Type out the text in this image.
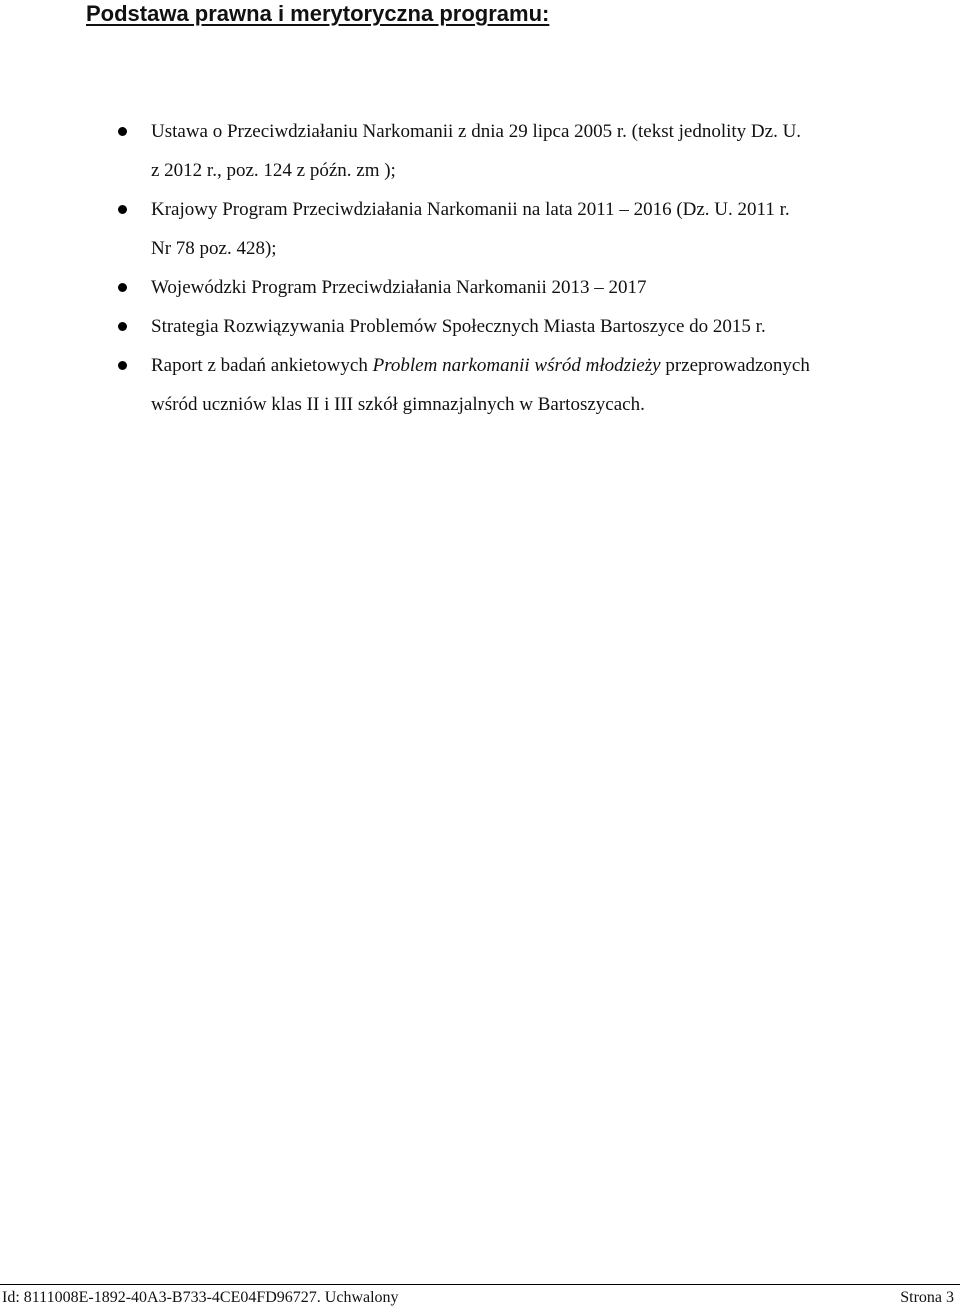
Podstawa prawna i merytoryczna programu:
Ustawa o Przeciwdziałaniu Narkomanii z dnia 29 lipca 2005 r. (tekst jednolity Dz. U.
z 2012 r., poz. 124 z późn. zm );
Krajowy Program Przeciwdziałania Narkomanii na lata 2011 – 2016 (Dz. U. 2011 r.
Nr 78 poz. 428);
Wojewódzki Program Przeciwdziałania Narkomanii 2013 – 2017
Strategia Rozwiązywania Problemów Społecznych Miasta Bartoszyce do 2015 r.
Raport z badań ankietowych Problem narkomanii wśród młodzieży przeprowadzonych
wśród uczniów klas II i III szkół gimnazjalnych w Bartoszycach.
Id: 8111008E-1892-40A3-B733-4CE04FD96727. Uchwalony	Strona 3
